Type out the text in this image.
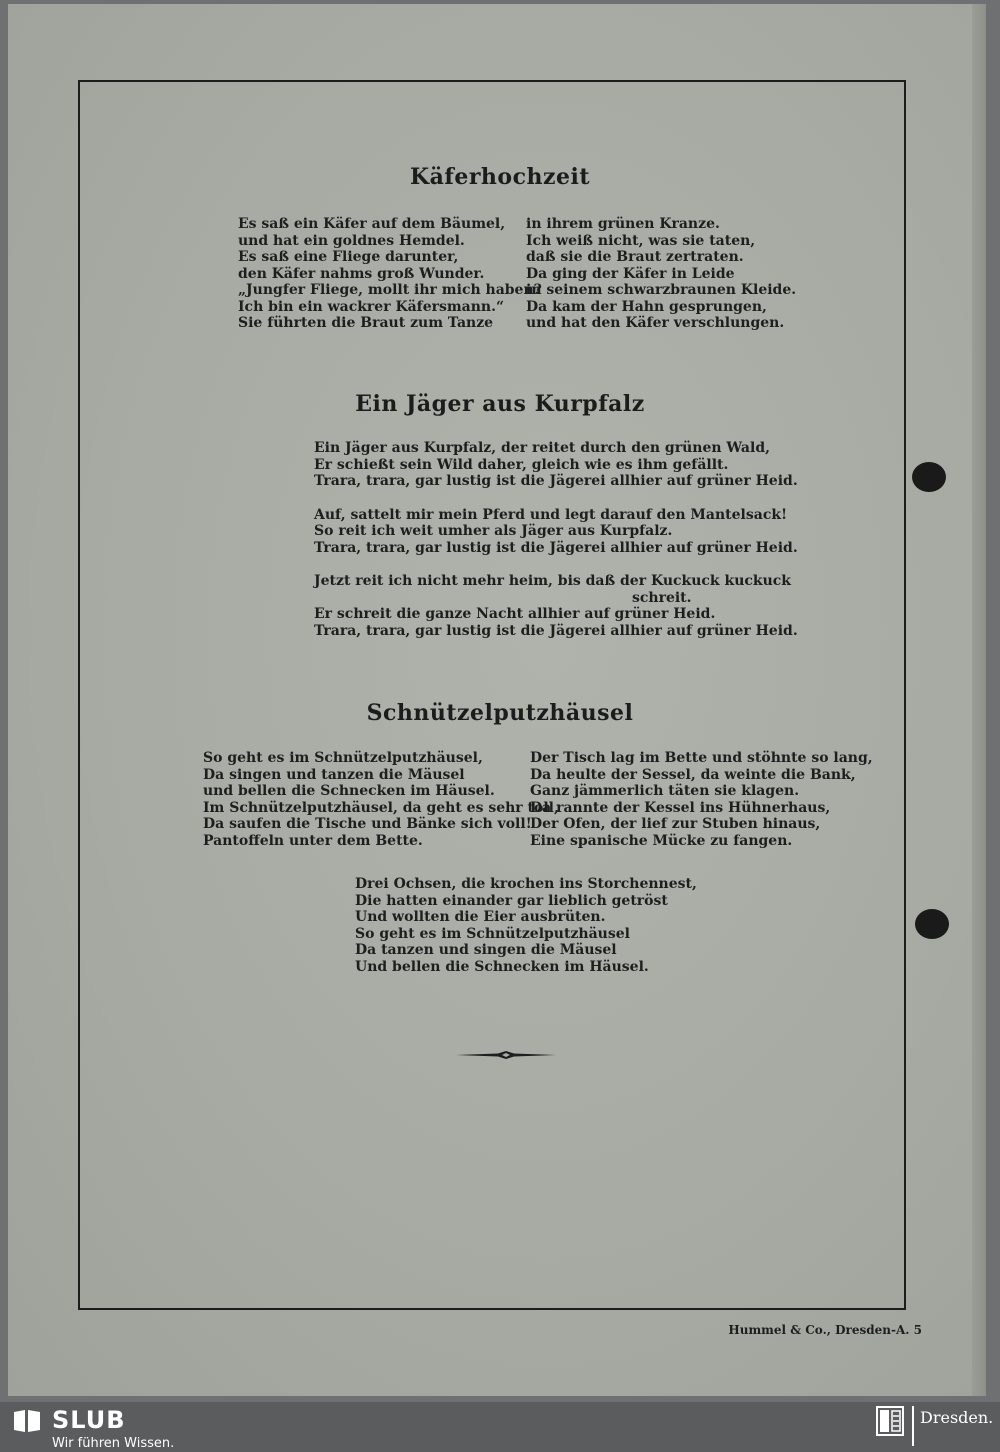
Käferhochzeit
Es saß ein Käfer auf dem Bäumel,
und hat ein goldnes Hemdel.
Es saß eine Fliege darunter,
den Käfer nahms groß Wunder.
„Jungfer Fliege, mollt ihr mich haben?
Ich bin ein wackrer Käfersmann.“
Sie führten die Braut zum Tanze
in ihrem grünen Kranze.
Ich weiß nicht, was sie taten,
daß sie die Braut zertraten.
Da ging der Käfer in Leide
in seinem schwarzbraunen Kleide.
Da kam der Hahn gesprungen,
und hat den Käfer verschlungen.
Ein Jäger aus Kurpfalz
Ein Jäger aus Kurpfalz, der reitet durch den grünen Wald,
Er schießt sein Wild daher, gleich wie es ihm gefällt.
Trara, trara, gar lustig ist die Jägerei allhier auf grüner Heid.
Auf, sattelt mir mein Pferd und legt darauf den Mantelsack!
So reit ich weit umher als Jäger aus Kurpfalz.
Trara, trara, gar lustig ist die Jägerei allhier auf grüner Heid.
Jetzt reit ich nicht mehr heim, bis daß der Kuckuck kuckuck
schreit.
Er schreit die ganze Nacht allhier auf grüner Heid.
Trara, trara, gar lustig ist die Jägerei allhier auf grüner Heid.
Schnützelputzhäusel
So geht es im Schnützelputzhäusel,
Da singen und tanzen die Mäusel
und bellen die Schnecken im Häusel.
Im Schnützelputzhäusel, da geht es sehr toll,
Da saufen die Tische und Bänke sich voll!
Pantoffeln unter dem Bette.
Der Tisch lag im Bette und stöhnte so lang,
Da heulte der Sessel, da weinte die Bank,
Ganz jämmerlich täten sie klagen.
Da rannte der Kessel ins Hühnerhaus,
Der Ofen, der lief zur Stuben hinaus,
Eine spanische Mücke zu fangen.
Drei Ochsen, die krochen ins Storchennest,
Die hatten einander gar lieblich getröst
Und wollten die Eier ausbrüten.
So geht es im Schnützelputzhäusel
Da tanzen und singen die Mäusel
Und bellen die Schnecken im Häusel.
Hummel & Co., Dresden-A. 5
SLUB
Wir führen Wissen.
Dresden.
